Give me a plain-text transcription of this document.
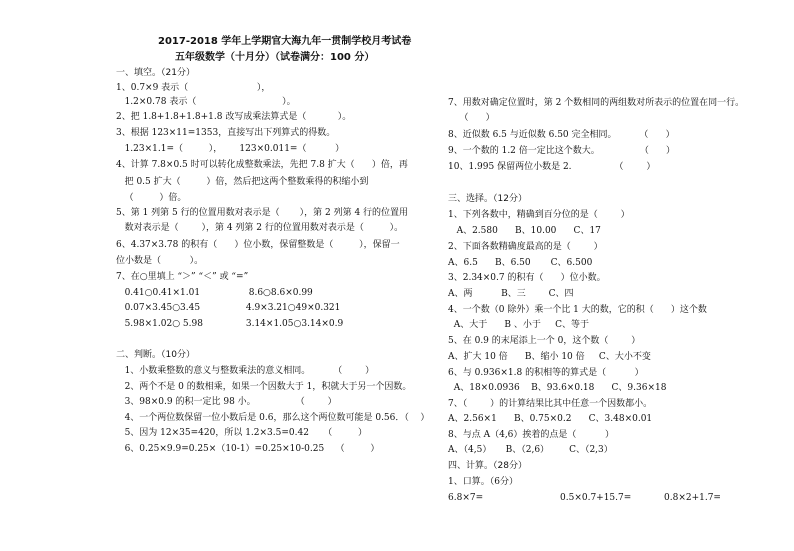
2017-2018 学年上学期官大海九年一贯制学校月考试卷
五年级数学（十月分）（试卷满分：100 分）
一、填空。（21分）
1、0.7×9 表示（                        ），
1.2×0.78 表示（                              ）。
2、把 1.8+1.8+1.8+1.8 改写成乘法算式是（           ）。
3、根据 123×11=1353，直接写出下列算式的得数。
1.23×1.1=（         ），      123×0.011=（          ）
4、计算 7.8×0.5 时可以转化成整数乘法，先把 7.8 扩大（      ）倍，再
把 0.5 扩大（         ）倍，然后把这两个整数乘得的积缩小到
（         ）倍。
5、第 1 列第 5 行的位置用数对表示是（       ），第 2 列第 4 行的位置用
数对表示是（        ），第 4 列第 2 行的位置用数对表示是（         ）。
6、4.37×3.78 的积有（      ）位小数，保留整数是（         ），保留一
位小数是（          ）。
7、在○里填上 “＞” “＜” 或 “=”
0.41○0.41×1.01                 8.6○8.6×0.99
0.07×3.45○3.45                4.9×3.21○49×0.321
5.98×1.02○ 5.98               3.14×1.05○3.14×0.9
二、判断。（10分）
1、小数乘整数的意义与整数乘法的意义相同。        （        ）
2、两个不是 0 的数相乘，如果一个因数大于 1，积就大于另一个因数。
3、98×0.9 的积一定比 98 小。              （        ）
4、一个两位数保留一位小数后是 0.6，那么这个两位数可能是 0.56．（    ）
5、因为 12×35=420，所以 1.2×3.5=0.42     （         ）
6、0.25×9.9=0.25×（10-1）=0.25×10-0.25    （         ）
7、用数对确定位置时，第 2 个数相同的两组数对所表示的位置在同一行。
（      ）
8、近似数 6.5 与近似数 6.50 完全相同。        （      ）
9、一个数的 1.2 倍一定比这个数大。              （      ）
10、1.995 保留两位小数是 2.               （        ）
三、选择。（12分）
1、下列各数中，精确到百分位的是（        ）
A、2.580      B、10.00      C、17
2、下面各数精确度最高的是（        ）
A、6.5      B、6.50       C、6.500
3、2.34×0.7 的积有（      ）位小数。
A、两          B、三        C、四
4、一个数（0 除外）乘一个比 1 大的数，它的积（      ）这个数
A、大于      B 、小于     C、等于
5、在 0.9 的末尾添上一个 0，这个数（        ）
A、扩大 10 倍      B、缩小 10 倍     C、大小不变
6、与 0.936×1.8 的积相等的算式是（          ）
A、18×0.0936    B、93.6×0.18      C、9.36×18
7、（        ）的计算结果比其中任意一个因数都小。
A、2.56×1      B、0.75×0.2      C、3.48×0.01
8、与点 A（4,6）挨着的点是（          ）
A、（4,5）     B、（2,6）       C、（2,3）
四、计算。（28分）
1、口算。（6分）
6.8×7=	0.5×0.7+15.7=	0.8×2+1.7=
